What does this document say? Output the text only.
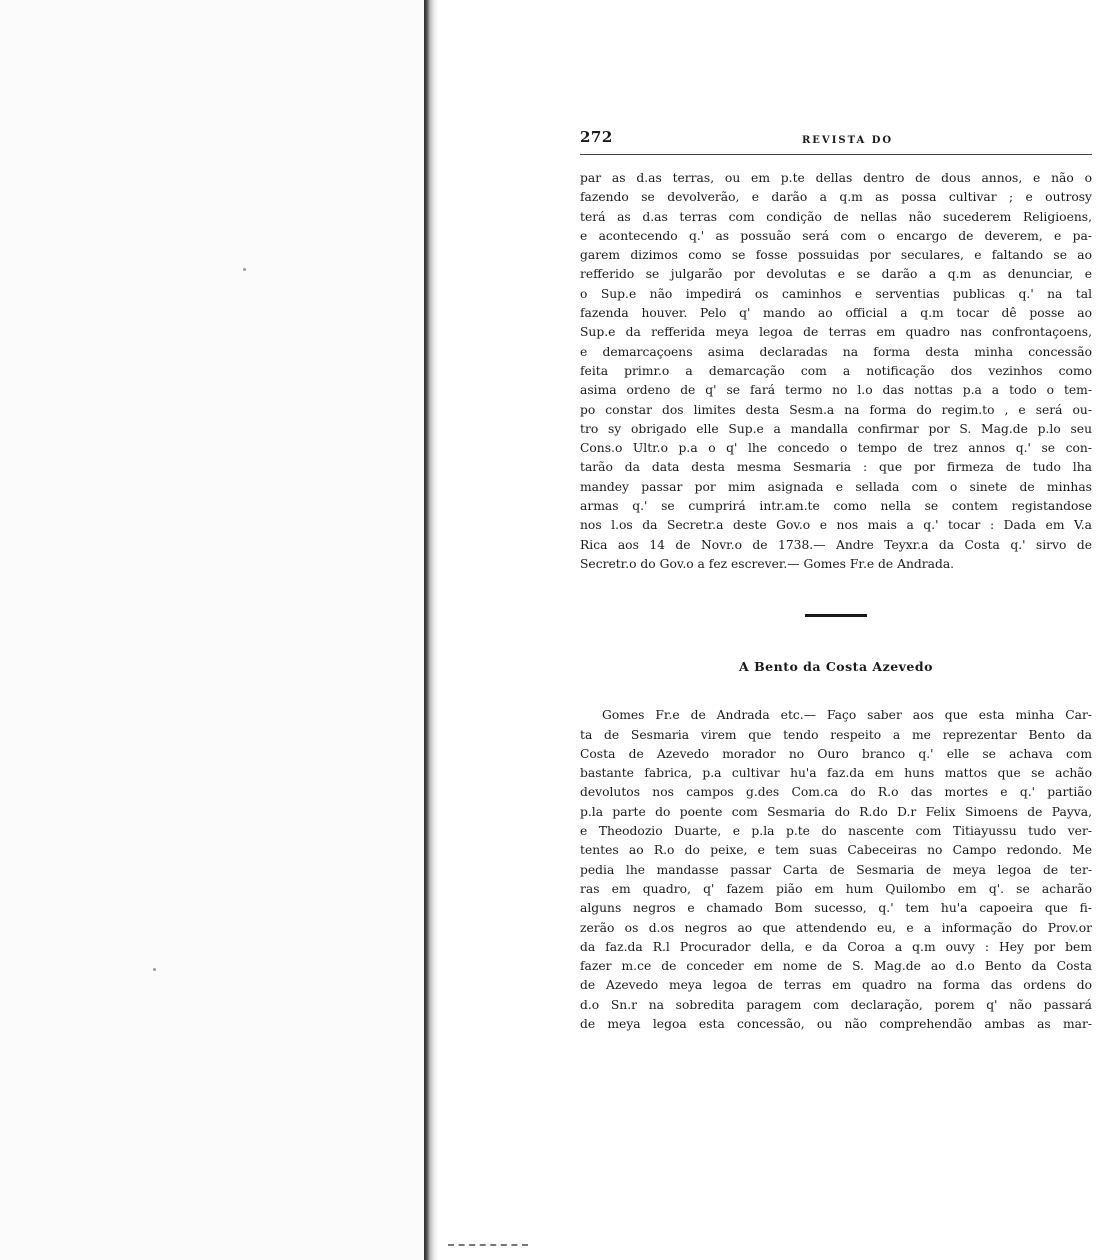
272	REVISTA DO
par as d.as terras, ou em p.te dellas dentro de dous annos, e não o
fazendo se devolverão, e darão a q.m as possa cultivar ; e outrosy
terá as d.as terras com condição de nellas não sucederem Religioens,
e acontecendo q.' as possuão será com o encargo de deverem, e pa-
garem dizimos como se fosse possuidas por seculares, e faltando se ao
refferido se julgarão por devolutas e se darão a q.m as denunciar, e
o Sup.e não impedirá os caminhos e serventias publicas q.' na tal
fazenda houver. Pelo q' mando ao official a q.m tocar dê posse ao
Sup.e da refferida meya legoa de terras em quadro nas confrontaçoens,
e demarcaçoens asima declaradas na forma desta minha concessão
feita primr.o a demarcação com a notificação dos vezinhos como
asima ordeno de q' se fará termo no l.o das nottas p.a a todo o tem-
po constar dos limites desta Sesm.a na forma do regim.to , e será ou-
tro sy obrigado elle Sup.e a mandalla confirmar por S. Mag.de p.lo seu
Cons.o Ultr.o p.a o q' lhe concedo o tempo de trez annos q.' se con-
tarão da data desta mesma Sesmaria : que por firmeza de tudo lha
mandey passar por mim asignada e sellada com o sinete de minhas
armas q.' se cumprirá intr.am.te como nella se contem registandose
nos l.os da Secretr.a deste Gov.o e nos mais a q.' tocar : Dada em V.a
Rica aos 14 de Novr.o de 1738.— Andre Teyxr.a da Costa q.' sirvo de
Secretr.o do Gov.o a fez escrever.— Gomes Fr.e de Andrada.
A Bento da Costa Azevedo
Gomes Fr.e de Andrada etc.— Faço saber aos que esta minha Car-
ta de Sesmaria virem que tendo respeito a me reprezentar Bento da
Costa de Azevedo morador no Ouro branco q.' elle se achava com
bastante fabrica, p.a cultivar hu'a faz.da em huns mattos que se achão
devolutos nos campos g.des Com.ca do R.o das mortes e q.' partião
p.la parte do poente com Sesmaria do R.do D.r Felix Simoens de Payva,
e Theodozio Duarte, e p.la p.te do nascente com Titiayussu tudo ver-
tentes ao R.o do peixe, e tem suas Cabeceiras no Campo redondo. Me
pedia lhe mandasse passar Carta de Sesmaria de meya legoa de ter-
ras em quadro, q' fazem pião em hum Quilombo em q'. se acharão
alguns negros e chamado Bom sucesso, q.' tem hu'a capoeira que fi-
zerão os d.os negros ao que attendendo eu, e a informação do Prov.or
da faz.da R.l Procurador della, e da Coroa a q.m ouvy : Hey por bem
fazer m.ce de conceder em nome de S. Mag.de ao d.o Bento da Costa
de Azevedo meya legoa de terras em quadro na forma das ordens do
d.o Sn.r na sobredita paragem com declaração, porem q' não passará
de meya legoa esta concessão, ou não comprehendão ambas as mar-
